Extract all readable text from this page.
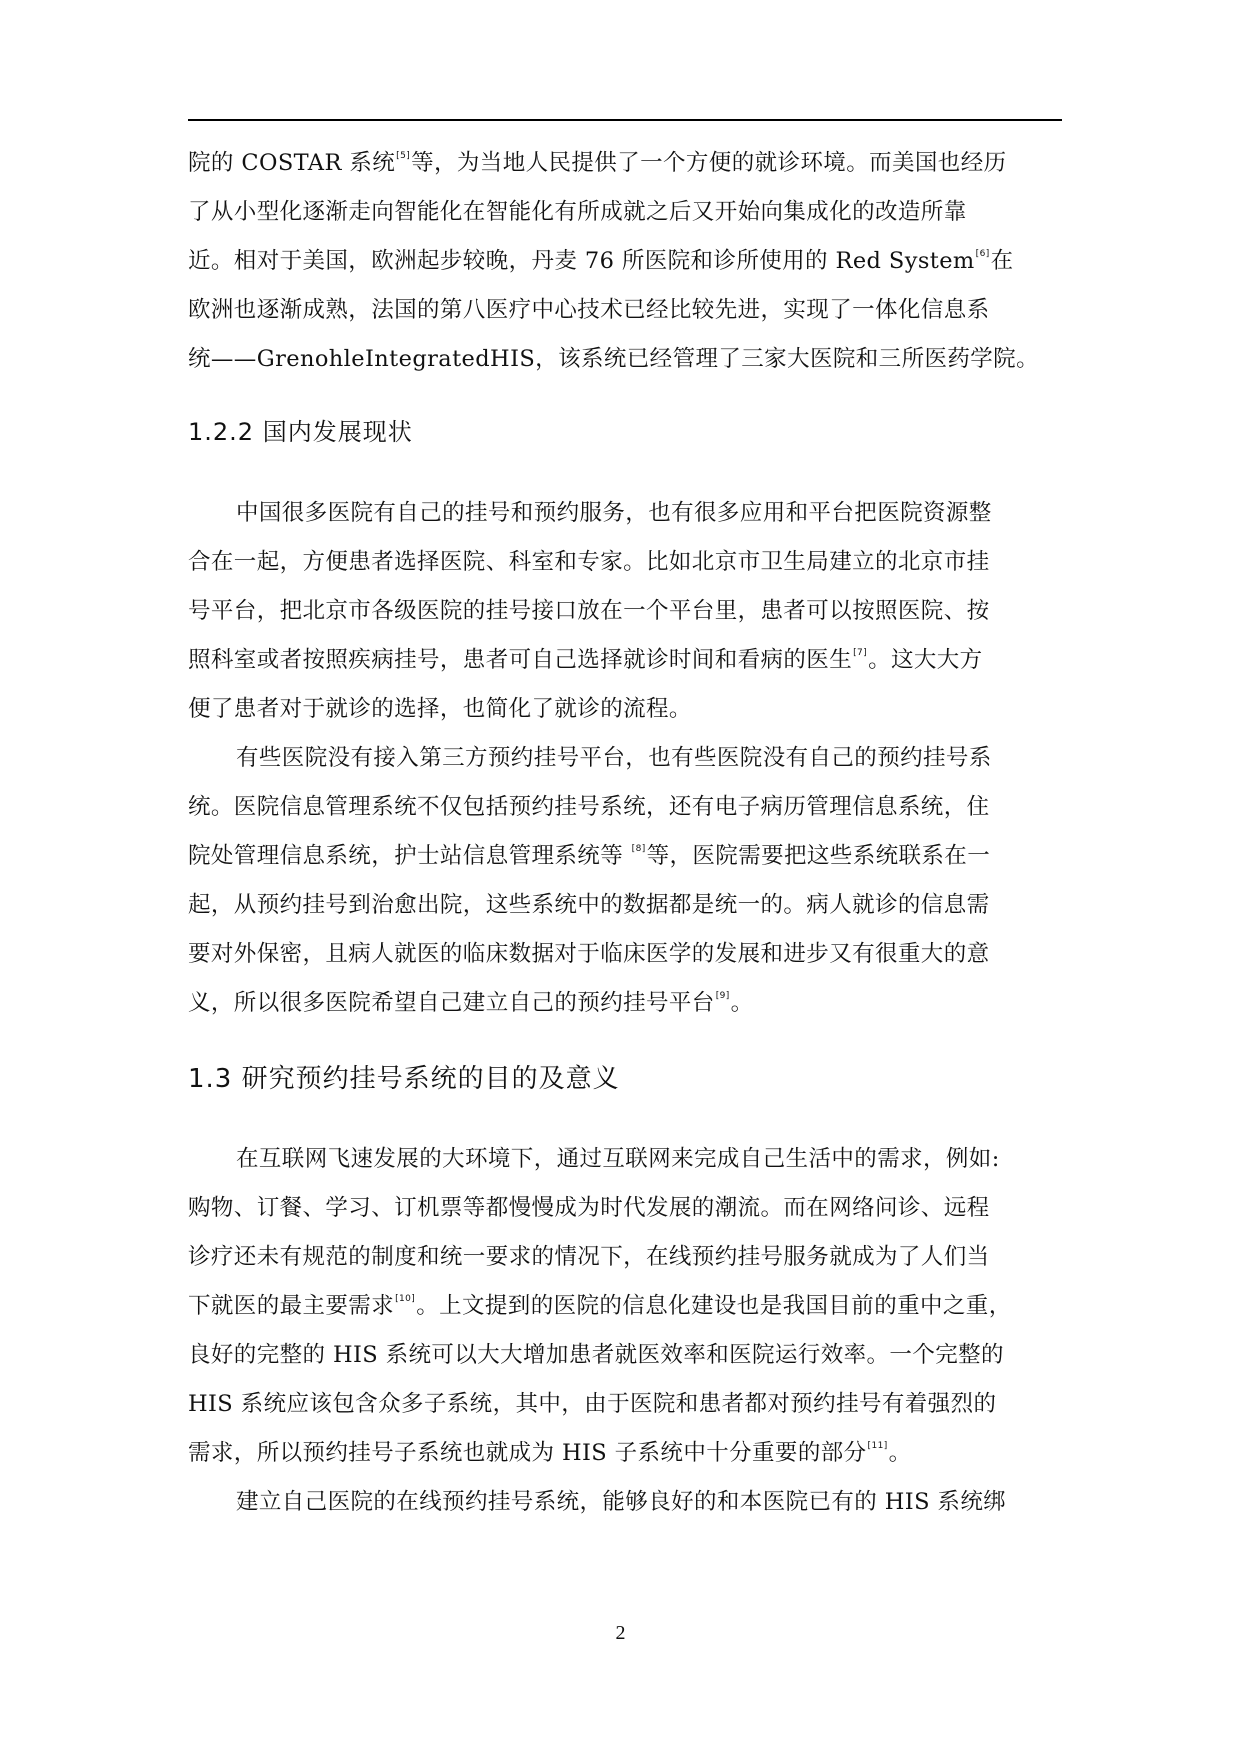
院的 COSTAR 系统[5]等，为当地人民提供了一个方便的就诊环境。而美国也经历
了从小型化逐渐走向智能化在智能化有所成就之后又开始向集成化的改造所靠
近。相对于美国，欧洲起步较晚，丹麦 76 所医院和诊所使用的 Red System[6]在
欧洲也逐渐成熟，法国的第八医疗中心技术已经比较先进，实现了一体化信息系
统——GrenohleIntegratedHIS，该系统已经管理了三家大医院和三所医药学院。

1.2.2 国内发展现状

中国很多医院有自己的挂号和预约服务，也有很多应用和平台把医院资源整
合在一起，方便患者选择医院、科室和专家。比如北京市卫生局建立的北京市挂
号平台，把北京市各级医院的挂号接口放在一个平台里，患者可以按照医院、按
照科室或者按照疾病挂号，患者可自己选择就诊时间和看病的医生[7]。这大大方
便了患者对于就诊的选择，也简化了就诊的流程。

有些医院没有接入第三方预约挂号平台，也有些医院没有自己的预约挂号系
统。医院信息管理系统不仅包括预约挂号系统，还有电子病历管理信息系统，住
院处管理信息系统，护士站信息管理系统等 [8]等，医院需要把这些系统联系在一
起，从预约挂号到治愈出院，这些系统中的数据都是统一的。病人就诊的信息需
要对外保密，且病人就医的临床数据对于临床医学的发展和进步又有很重大的意
义，所以很多医院希望自己建立自己的预约挂号平台[9]。

1.3 研究预约挂号系统的目的及意义

在互联网飞速发展的大环境下，通过互联网来完成自己生活中的需求，例如:
购物、订餐、学习、订机票等都慢慢成为时代发展的潮流。而在网络问诊、远程
诊疗还未有规范的制度和统一要求的情况下，在线预约挂号服务就成为了人们当
下就医的最主要需求[10]。上文提到的医院的信息化建设也是我国目前的重中之重，
良好的完整的 HIS 系统可以大大增加患者就医效率和医院运行效率。一个完整的
HIS 系统应该包含众多子系统，其中，由于医院和患者都对预约挂号有着强烈的
需求，所以预约挂号子系统也就成为 HIS 子系统中十分重要的部分[11]。

建立自己医院的在线预约挂号系统，能够良好的和本医院已有的 HIS 系统绑

2
